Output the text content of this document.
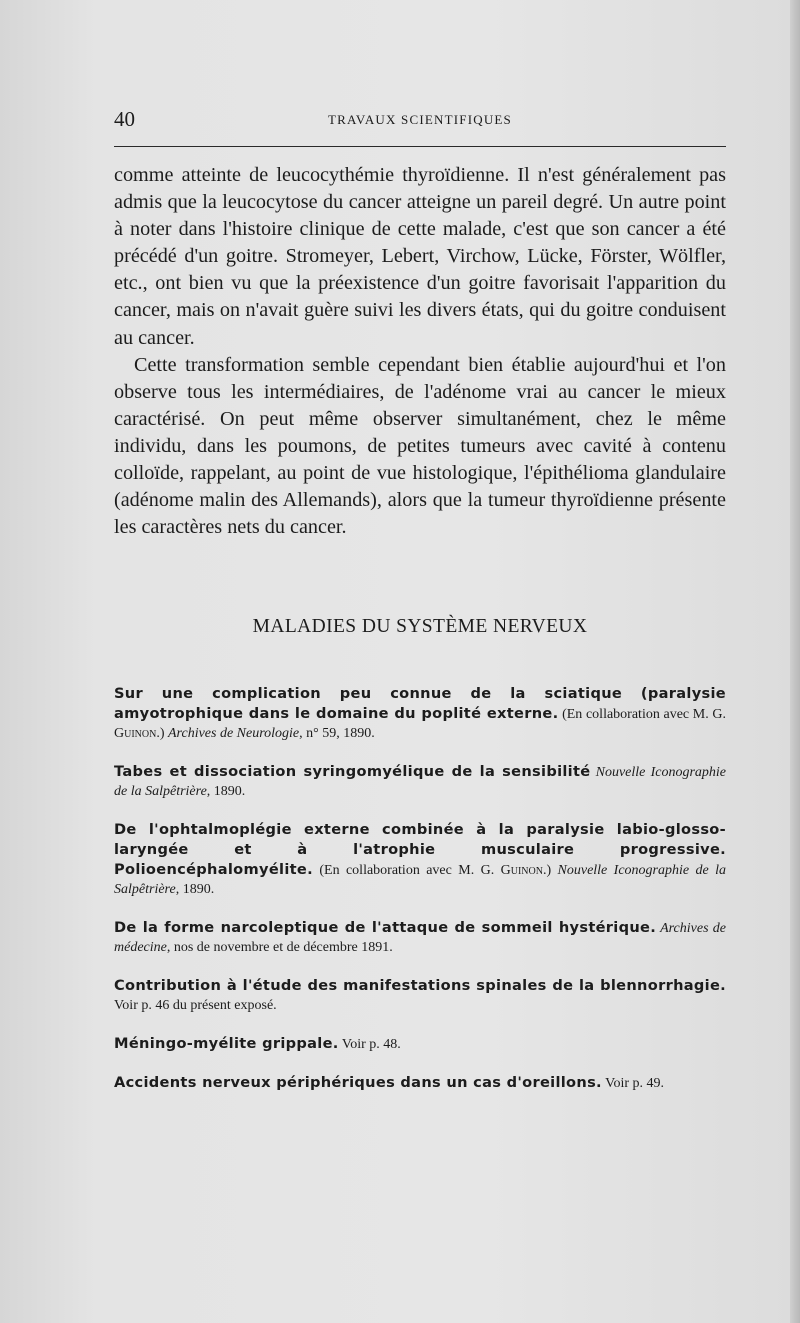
40	TRAVAUX SCIENTIFIQUES

comme atteinte de leucocythémie thyroïdienne. Il n'est généralement pas admis que la leucocytose du cancer atteigne un pareil degré. Un autre point à noter dans l'histoire clinique de cette malade, c'est que son cancer a été précédé d'un goitre. Stromeyer, Lebert, Virchow, Lücke, Förster, Wölfler, etc., ont bien vu que la préexistence d'un goitre favorisait l'apparition du cancer, mais on n'avait guère suivi les divers états, qui du goitre conduisent au cancer.

Cette transformation semble cependant bien établie aujourd'hui et l'on observe tous les intermédiaires, de l'adénome vrai au cancer le mieux caractérisé. On peut même observer simultanément, chez le même individu, dans les poumons, de petites tumeurs avec cavité à contenu colloïde, rappelant, au point de vue histologique, l'épithélioma glandulaire (adénome malin des Allemands), alors que la tumeur thyroïdienne présente les caractères nets du cancer.

MALADIES DU SYSTÈME NERVEUX

Sur une complication peu connue de la sciatique (paralysie amyotrophique dans le domaine du poplité externe. (En collaboration avec M. G. Guinon.) Archives de Neurologie, n° 59, 1890.

Tabes et dissociation syringomyélique de la sensibilité Nouvelle Iconographie de la Salpêtrière, 1890.

De l'ophtalmoplégie externe combinée à la paralysie labio-glosso-laryngée et à l'atrophie musculaire progressive. Polioencéphalomyélite. (En collaboration avec M. G. Guinon.) Nouvelle Iconographie de la Salpêtrière, 1890.

De la forme narcoleptique de l'attaque de sommeil hystérique. Archives de médecine, nos de novembre et de décembre 1891.

Contribution à l'étude des manifestations spinales de la blennorrhagie. Voir p. 46 du présent exposé.

Méningo-myélite grippale. Voir p. 48.

Accidents nerveux périphériques dans un cas d'oreillons. Voir p. 49.
